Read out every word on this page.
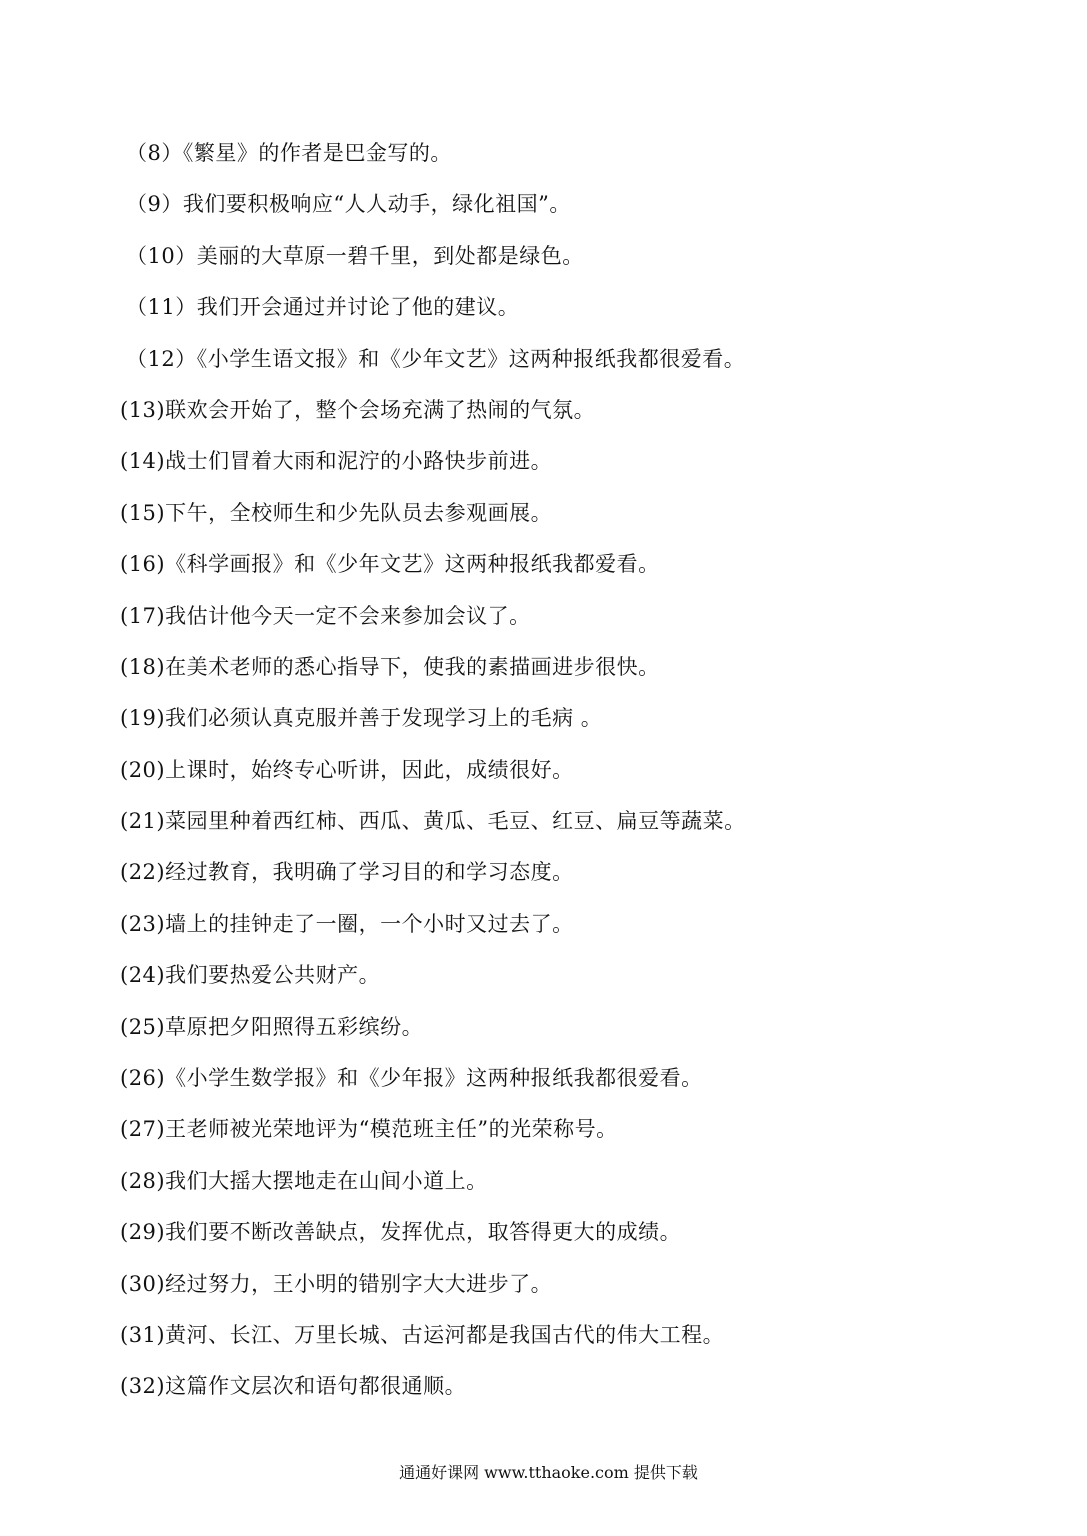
（8）《繁星》的作者是巴金写的。
（9）我们要积极响应“人人动手，绿化祖国”。
（10）美丽的大草原一碧千里，到处都是绿色。
（11）我们开会通过并讨论了他的建议。
（12）《小学生语文报》和《少年文艺》这两种报纸我都很爱看。
(13)联欢会开始了，整个会场充满了热闹的气氛。
(14)战士们冒着大雨和泥泞的小路快步前进。
(15)下午，全校师生和少先队员去参观画展。
(16)《科学画报》和《少年文艺》这两种报纸我都爱看。
(17)我估计他今天一定不会来参加会议了。
(18)在美术老师的悉心指导下，使我的素描画进步很快。
(19)我们必须认真克服并善于发现学习上的毛病 。
(20)上课时，始终专心听讲，因此，成绩很好。
(21)菜园里种着西红柿、西瓜、黄瓜、毛豆、红豆、扁豆等蔬菜。
(22)经过教育，我明确了学习目的和学习态度。
(23)墙上的挂钟走了一圈，一个小时又过去了。
(24)我们要热爱公共财产。
(25)草原把夕阳照得五彩缤纷。
(26)《小学生数学报》和《少年报》这两种报纸我都很爱看。
(27)王老师被光荣地评为“模范班主任”的光荣称号。
(28)我们大摇大摆地走在山间小道上。
(29)我们要不断改善缺点，发挥优点，取答得更大的成绩。
(30)经过努力，王小明的错别字大大进步了。
(31)黄河、长江、万里长城、古运河都是我国古代的伟大工程。
(32)这篇作文层次和语句都很通顺。
通通好课网 www.tthaoke.com 提供下载
